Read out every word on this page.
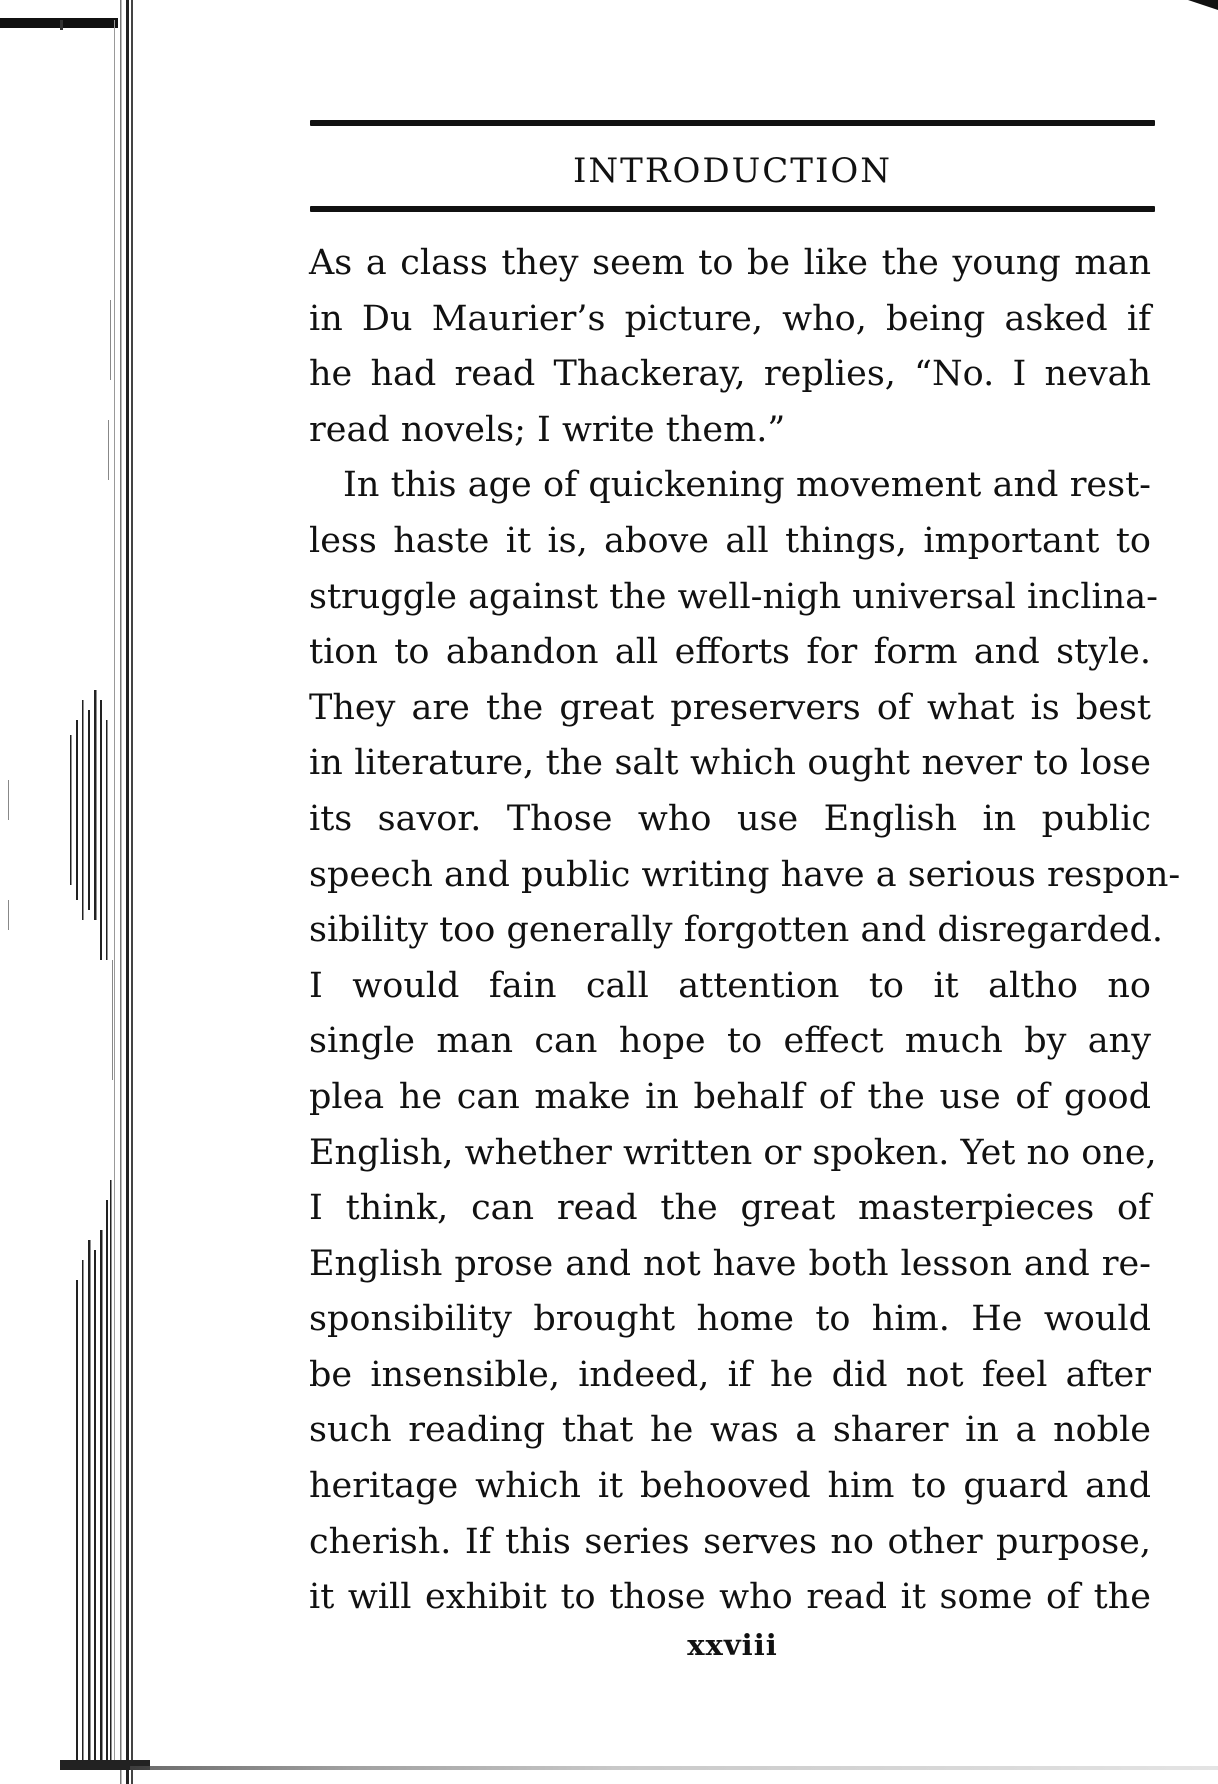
INTRODUCTION
As a class they seem to be like the young man
in Du Maurier’s picture, who, being asked if
he had read Thackeray, replies, “No. I nevah
read novels; I write them.”
In this age of quickening movement and rest-
less haste it is, above all things, important to
struggle against the well-nigh universal inclina-
tion to abandon all efforts for form and style.
They are the great preservers of what is best
in literature, the salt which ought never to lose
its savor. Those who use English in public
speech and public writing have a serious respon-
sibility too generally forgotten and disregarded.
I would fain call attention to it altho no
single man can hope to effect much by any
plea he can make in behalf of the use of good
English, whether written or spoken. Yet no one,
I think, can read the great masterpieces of
English prose and not have both lesson and re-
sponsibility brought home to him. He would
be insensible, indeed, if he did not feel after
such reading that he was a sharer in a noble
heritage which it behooved him to guard and
cherish. If this series serves no other purpose,
it will exhibit to those who read it some of the
xxviii
